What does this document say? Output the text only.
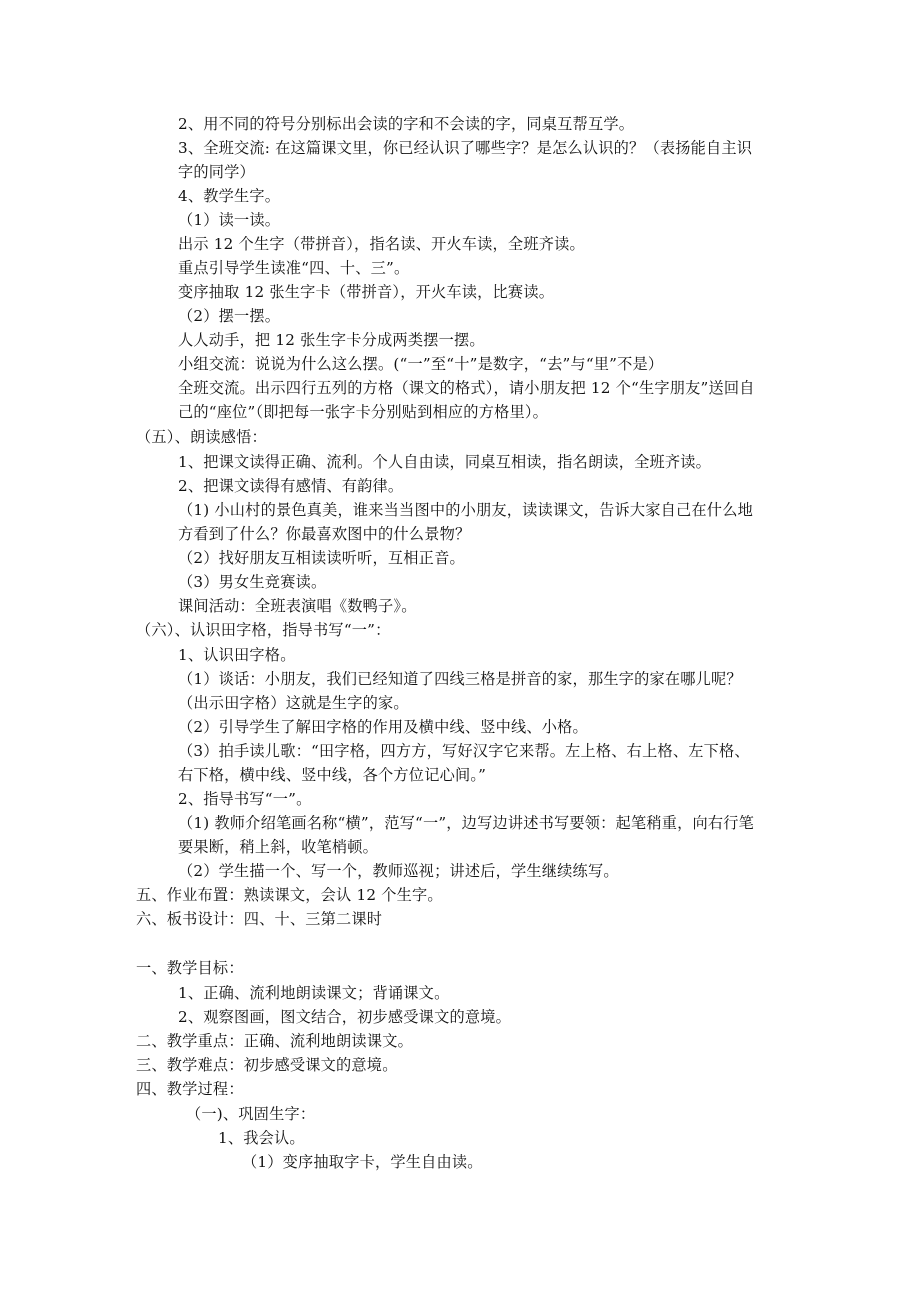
2、用不同的符号分别标出会读的字和不会读的字，同桌互帮互学。

3、全班交流: 在这篇课文里，你已经认识了哪些字？是怎么认识的？（表扬能自主识

字的同学）

4、教学生字。

（1）读一读。

出示 12 个生字（带拼音），指名读、开火车读，全班齐读。

重点引导学生读准“四、十、三”。

变序抽取 12 张生字卡（带拼音），开火车读，比赛读。

（2）摆一摆。

人人动手，把 12 张生字卡分成两类摆一摆。

小组交流：说说为什么这么摆。(“一”至“十”是数字，“去”与“里”不是）

全班交流。出示四行五列的方格（课文的格式），请小朋友把 12 个“生字朋友”送回自

己的“座位”（即把每一张字卡分别贴到相应的方格里）。

（五）、朗读感悟：

1、把课文读得正确、流利。个人自由读，同桌互相读，指名朗读，全班齐读。

2、把课文读得有感情、有韵律。

（1) 小山村的景色真美，谁来当当图中的小朋友，读读课文，告诉大家自己在什么地

方看到了什么？你最喜欢图中的什么景物？

（2）找好朋友互相读读听听，互相正音。

（3）男女生竞赛读。

课间活动：全班表演唱《数鸭子》。

（六）、认识田字格，指导书写“一”：

1、认识田字格。

（1）谈话：小朋友，我们已经知道了四线三格是拼音的家，那生字的家在哪儿呢？

（出示田字格）这就是生字的家。

（2）引导学生了解田字格的作用及横中线、竖中线、小格。

（3）拍手读儿歌：“田字格，四方方，写好汉字它来帮。左上格、右上格、左下格、

右下格，横中线、竖中线，各个方位记心间。”

2、指导书写“一”。

（1) 教师介绍笔画名称“横”，范写“一”，边写边讲述书写要领：起笔稍重，向右行笔

要果断，稍上斜，收笔梢顿。

（2）学生描一个、写一个，教师巡视；讲述后，学生继续练写。

五、作业布置：熟读课文，会认 12 个生字。

六、板书设计：四、十、三第二课时

一、教学目标：

1、正确、流利地朗读课文；背诵课文。

2、观察图画，图文结合，初步感受课文的意境。

二、教学重点：正确、流利地朗读课文。

三、教学难点：初步感受课文的意境。

四、教学过程：

（一)、巩固生字：

1、我会认。

（1）变序抽取字卡，学生自由读。
